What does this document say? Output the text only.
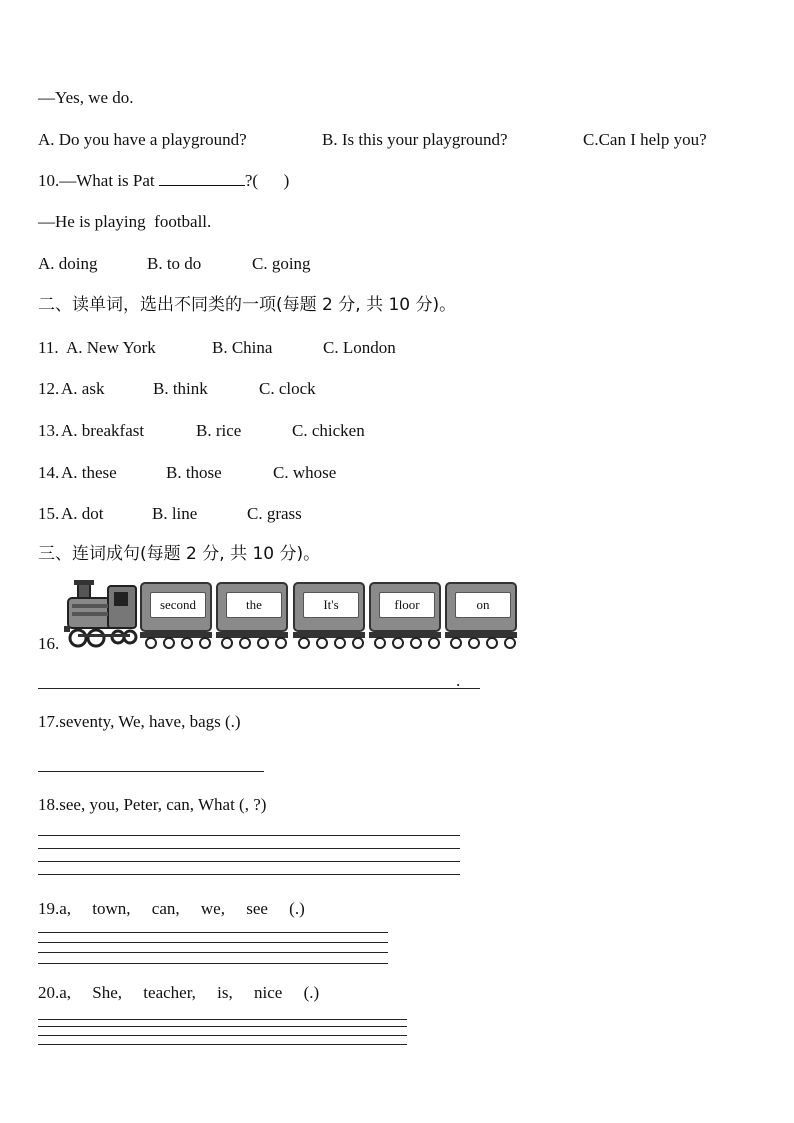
—Yes, we do.
A. Do you have a playground?	B. Is this your playground?	C.Can I help you?
10.—What is Pat	?(      )
—He is playing  football.
A. doing	B. to do	C. going
二、读单词，选出不同类的一项(每题 2 分, 共 10 分)。
11. A. New York	B. China	C. London
12. A. ask	B. think	C. clock
13. A. breakfast	B. rice	C. chicken
14. A. these	B. those	C. whose
15. A. dot	B. line	C. grass
三、连词成句(每题 2 分, 共 10 分)。
second	the	It's	floor	on
16.
.
17.seventy, We, have, bags (.)
18.see, you, Peter, can, What (, ?)
19.a,     town,     can,     we,     see     (.)
20.a,     She,     teacher,     is,     nice     (.)
